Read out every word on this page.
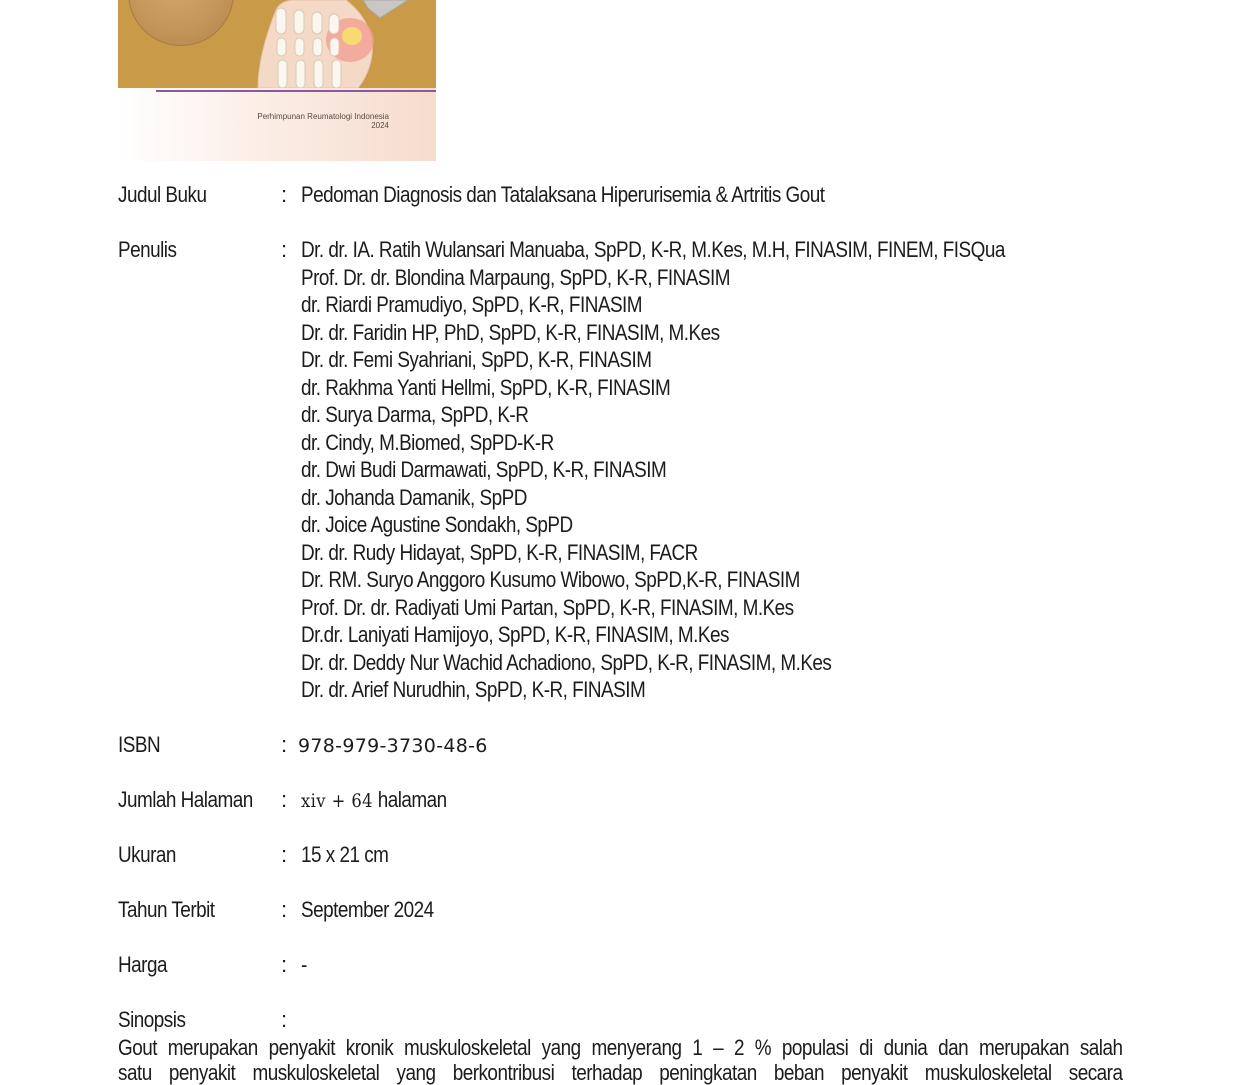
Perhimpunan Reumatologi Indonesia
2024
Judul Buku	: Pedoman Diagnosis dan Tatalaksana Hiperurisemia & Artritis Gout
Penulis	: Dr. dr. IA. Ratih Wulansari Manuaba, SpPD, K-R, M.Kes, M.H, FINASIM, FINEM, FISQua
Prof. Dr. dr. Blondina Marpaung, SpPD, K-R, FINASIM
dr. Riardi Pramudiyo, SpPD, K-R, FINASIM
Dr. dr. Faridin HP, PhD, SpPD, K-R, FINASIM, M.Kes
Dr. dr. Femi Syahriani, SpPD, K-R, FINASIM
dr. Rakhma Yanti Hellmi, SpPD, K-R, FINASIM
dr. Surya Darma, SpPD, K-R
dr. Cindy, M.Biomed, SpPD-K-R
dr. Dwi Budi Darmawati, SpPD, K-R, FINASIM
dr. Johanda Damanik, SpPD
dr. Joice Agustine Sondakh, SpPD
Dr. dr. Rudy Hidayat, SpPD, K-R, FINASIM, FACR
Dr. RM. Suryo Anggoro Kusumo Wibowo, SpPD,K-R, FINASIM
Prof. Dr. dr. Radiyati Umi Partan, SpPD, K-R, FINASIM, M.Kes
Dr.dr. Laniyati Hamijoyo, SpPD, K-R, FINASIM, M.Kes
Dr. dr. Deddy Nur Wachid Achadiono, SpPD, K-R, FINASIM, M.Kes
Dr. dr. Arief Nurudhin, SpPD, K-R, FINASIM
ISBN	: 978-979-3730-48-6
Jumlah Halaman : xiv + 64 halaman
Ukuran	: 15 x 21 cm
Tahun Terbit	: September 2024
Harga	: -
Sinopsis	:
Gout merupakan penyakit kronik muskuloskeletal yang menyerang 1 – 2 % populasi di dunia dan merupakan salah
satu penyakit muskuloskeletal yang berkontribusi terhadap peningkatan beban penyakit muskuloskeletal secara
